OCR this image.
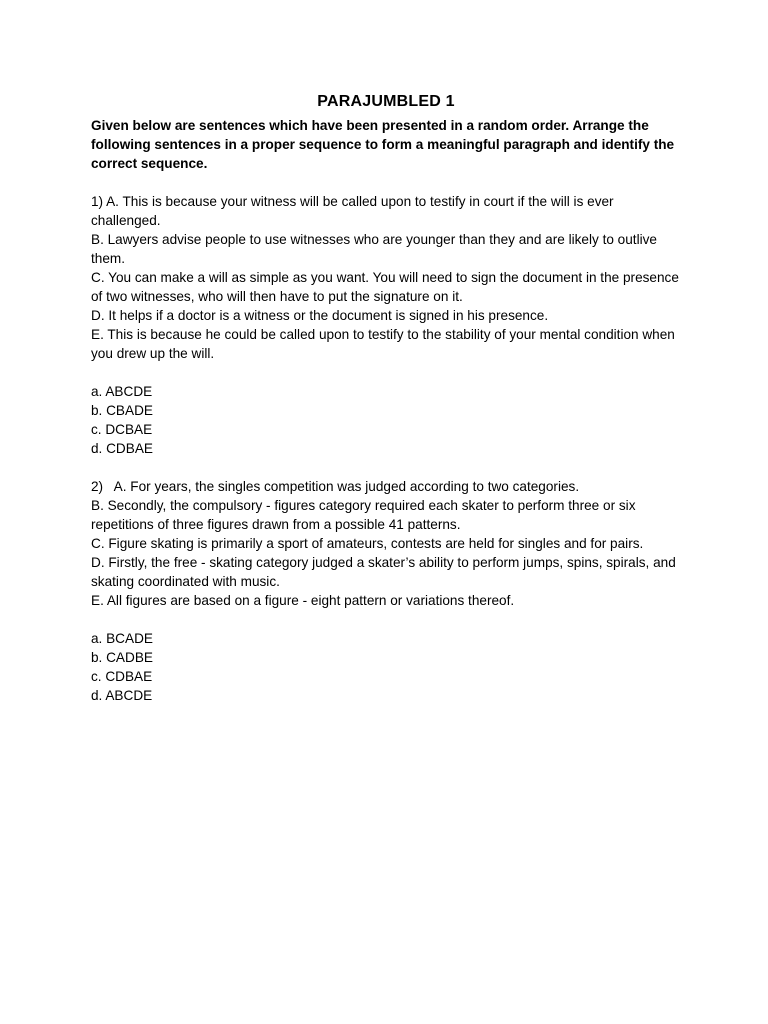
PARAJUMBLED 1

Given below are sentences which have been presented in a random order. Arrange the following sentences in a proper sequence to form a meaningful paragraph and identify the correct sequence.

1) A. This is because your witness will be called upon to testify in court if the will is ever challenged.

B. Lawyers advise people to use witnesses who are younger than they and are likely to outlive them.

C. You can make a will as simple as you want. You will need to sign the document in the presence of two witnesses, who will then have to put the signature on it.

D. It helps if a doctor is a witness or the document is signed in his presence.

E. This is because he could be called upon to testify to the stability of your mental condition when you drew up the will.

a. ABCDE

b. CBADE

c. DCBAE

d. CDBAE

2)   A. For years, the singles competition was judged according to two categories.

B. Secondly, the compulsory - figures category required each skater to perform three or six repetitions of three figures drawn from a possible 41 patterns.

C. Figure skating is primarily a sport of amateurs, contests are held for singles and for pairs.

D. Firstly, the free - skating category judged a skater’s ability to perform jumps, spins, spirals, and skating coordinated with music.

E. All figures are based on a figure - eight pattern or variations thereof.

a. BCADE

b. CADBE

c. CDBAE

d. ABCDE
